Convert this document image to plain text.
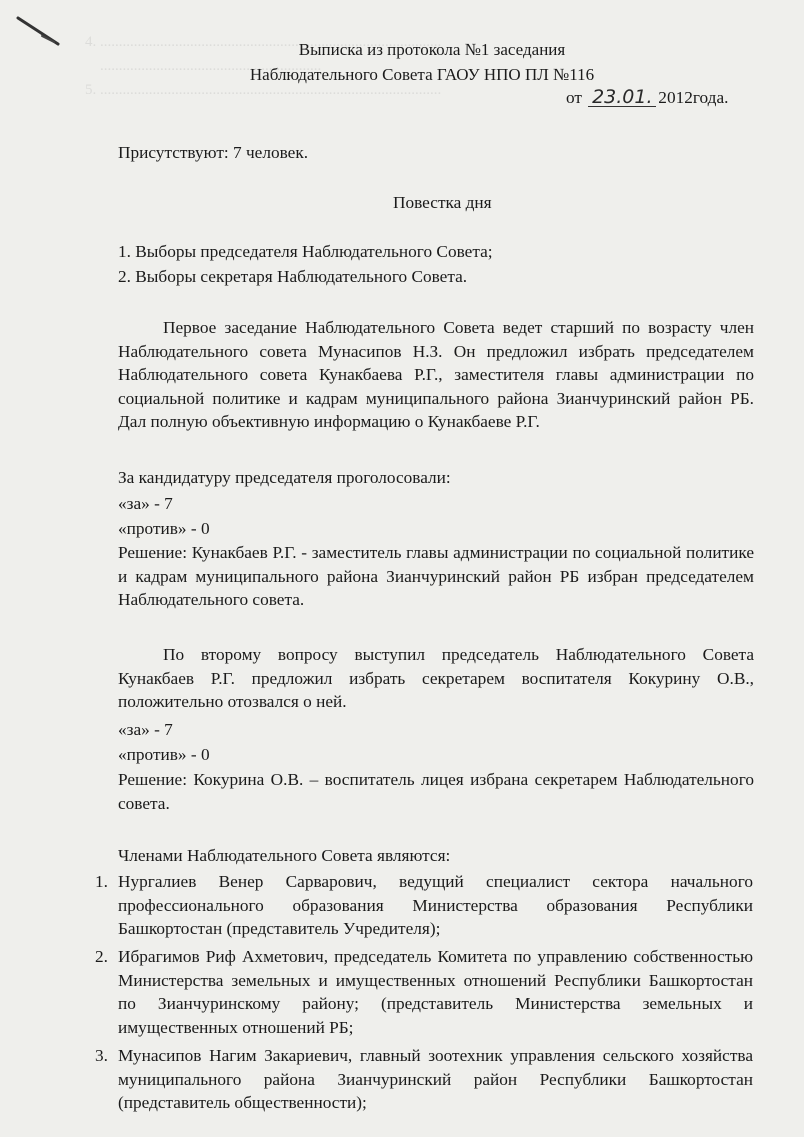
4. ...........................................................................................
...........................................................
5. ...........................................................................................
Выписка из протокола №1 заседания
Наблюдательного Совета ГАОУ НПО ПЛ №116
от 23.01. 2012года.
Присутствуют: 7 человек.
Повестка дня
1. Выборы председателя Наблюдательного Совета;
2. Выборы секретаря Наблюдательного Совета.
Первое заседание Наблюдательного Совета ведет старший по возрасту член Наблюдательного совета Мунасипов Н.З. Он предложил избрать председателем Наблюдательного совета Кунакбаева Р.Г., заместителя главы администрации по социальной политике и кадрам муниципального района Зианчуринский район РБ. Дал полную объективную информацию о Кунакбаеве Р.Г.
За кандидатуру председателя проголосовали:
«за» - 7
«против» - 0
Решение: Кунакбаев Р.Г. - заместитель главы администрации по социальной политике и кадрам муниципального района Зианчуринский район РБ избран председателем Наблюдательного совета.
По второму вопросу выступил председатель Наблюдательного Совета Кунакбаев Р.Г. предложил избрать секретарем воспитателя Кокурину О.В., положительно отозвался о ней.
«за» - 7
«против» - 0
Решение: Кокурина О.В. – воспитатель лицея избрана секретарем Наблюдательного совета.
Членами Наблюдательного Совета являются:
1. Нургалиев Венер Сарварович, ведущий специалист сектора начального профессионального образования Министерства образования Республики Башкортостан (представитель Учредителя);
2. Ибрагимов Риф Ахметович, председатель Комитета по управлению собственностью Министерства земельных и имущественных отношений Республики Башкортостан по Зианчуринскому району; (представитель Министерства земельных и имущественных отношений РБ;
3. Мунасипов Нагим Закариевич, главный зоотехник управления сельского хозяйства муниципального района Зианчуринский район Республики Башкортостан (представитель общественности);
